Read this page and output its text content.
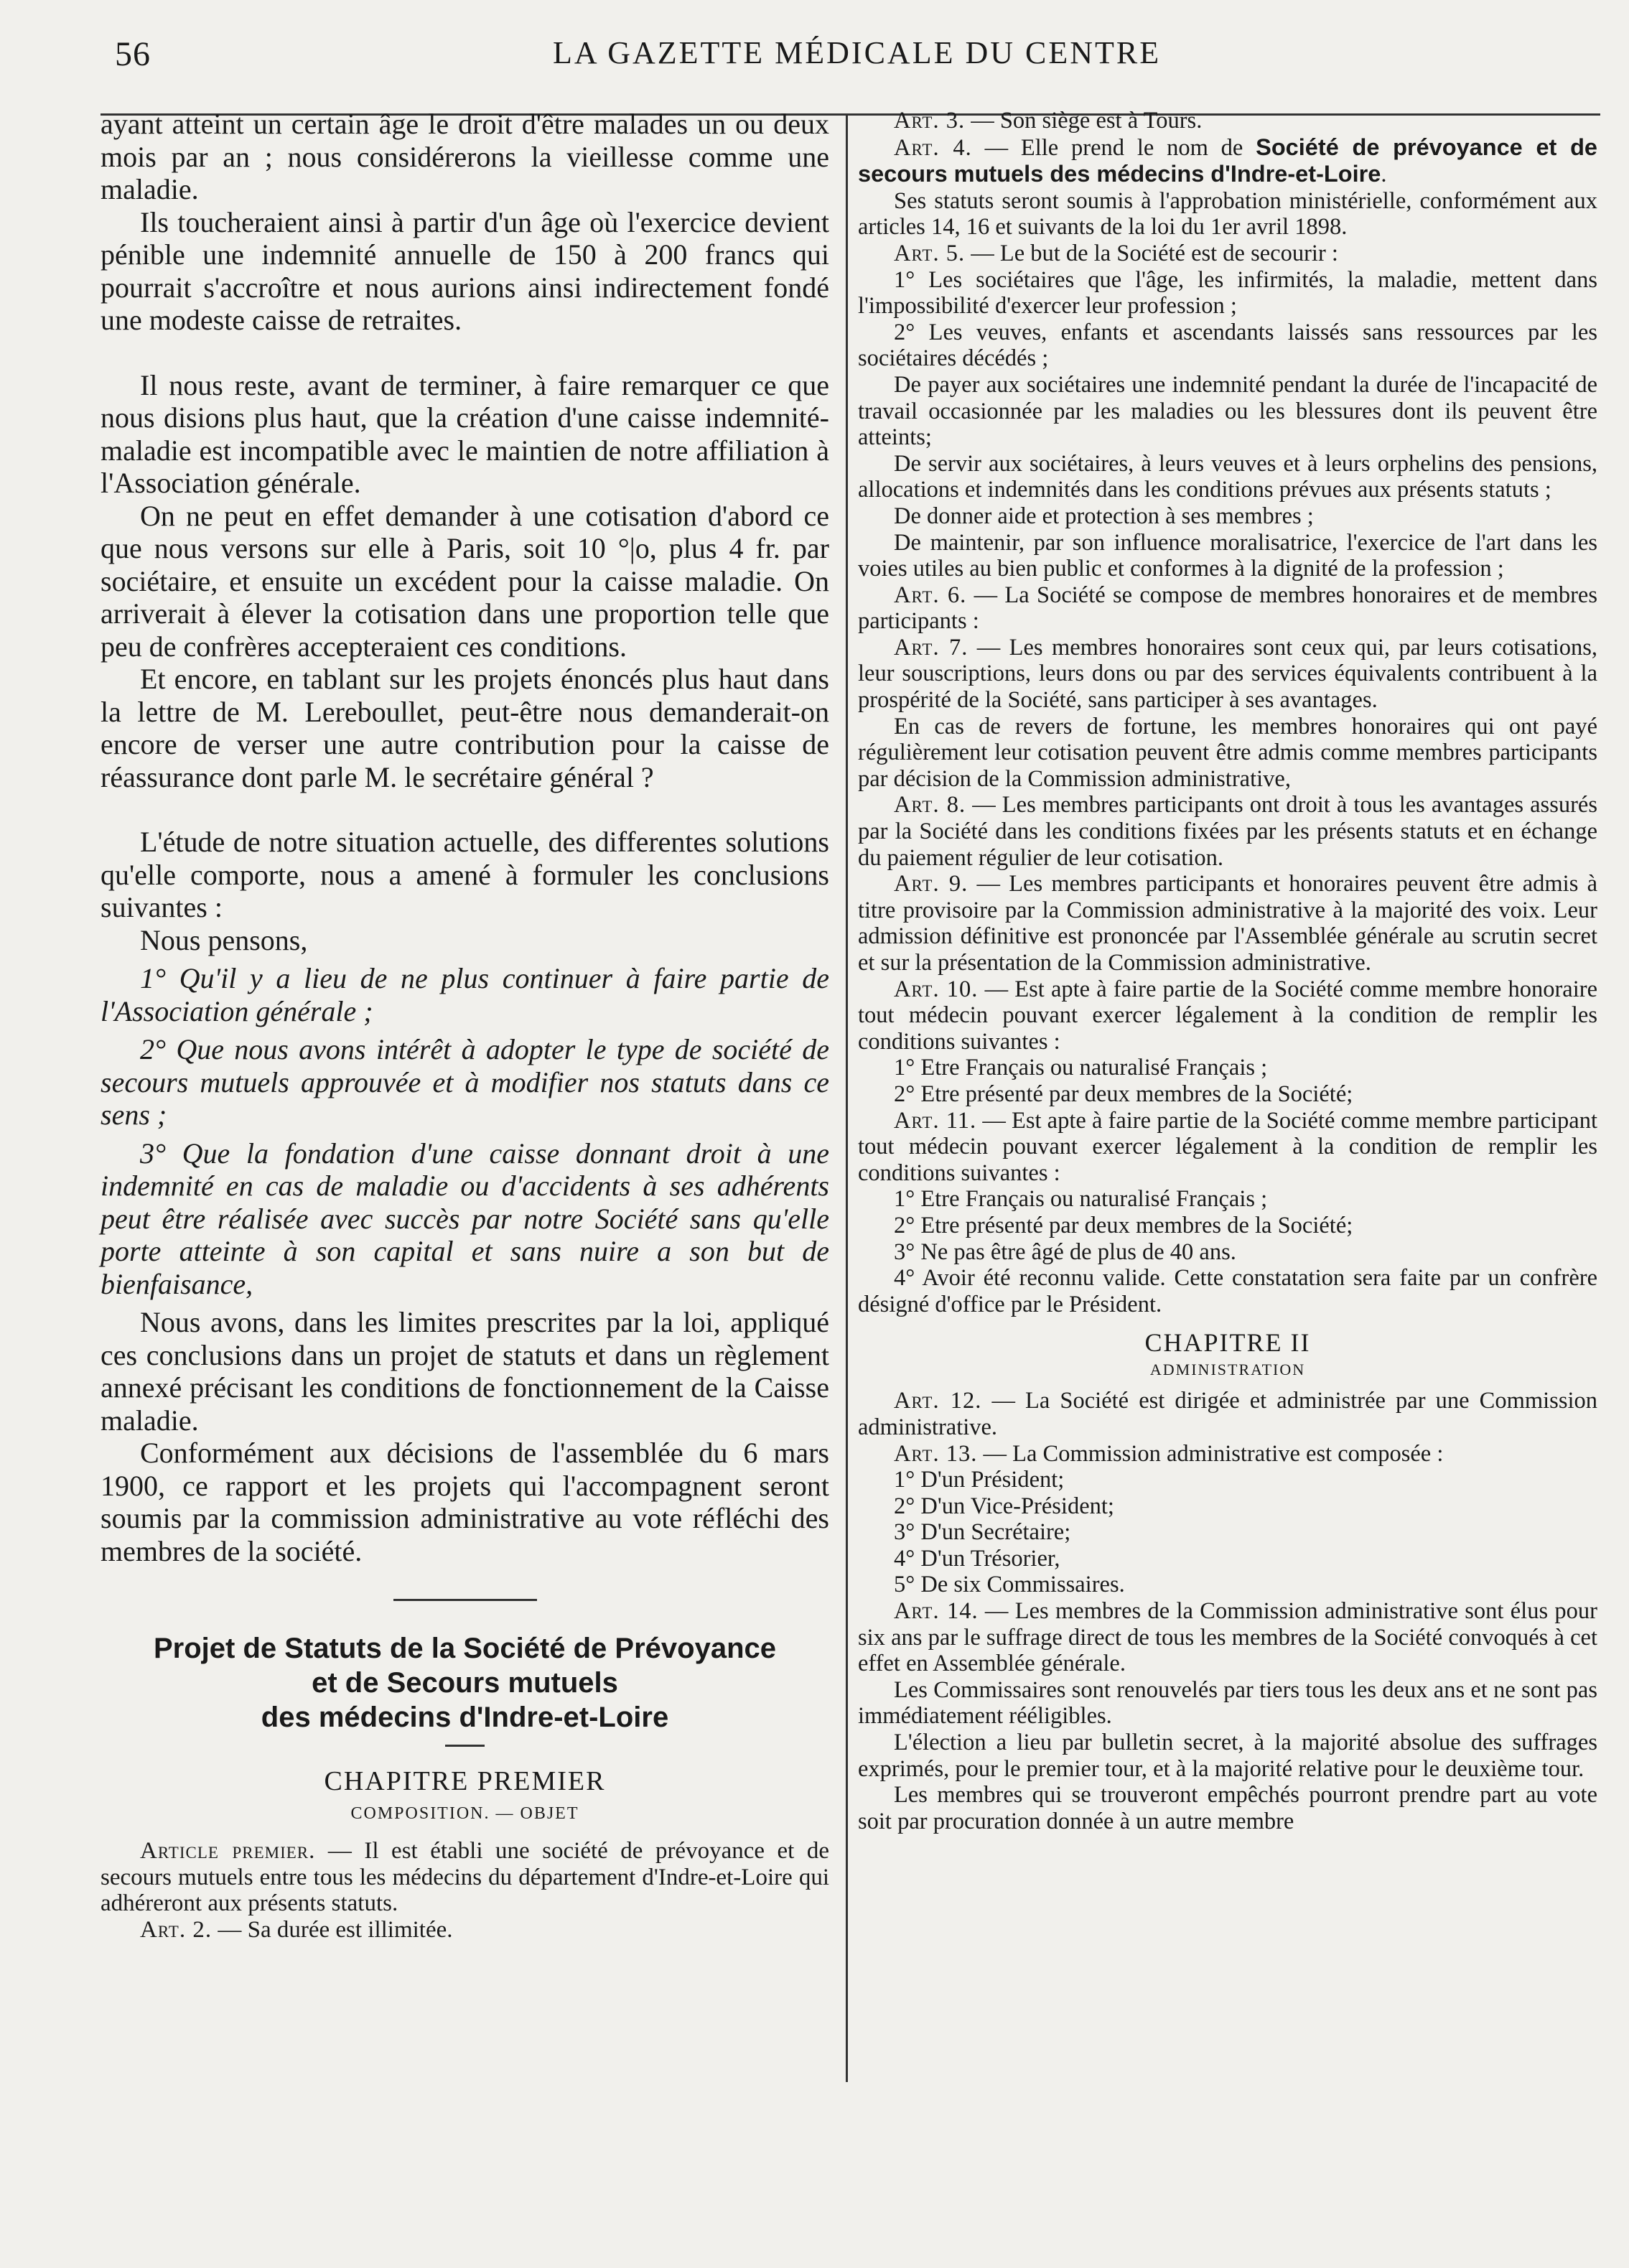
56	LA GAZETTE MÉDICALE DU CENTRE

ayant atteint un certain âge le droit d'être malades un ou deux mois par an ; nous considérerons la vieillesse comme une maladie.

Ils toucheraient ainsi à partir d'un âge où l'exercice devient pénible une indemnité annuelle de 150 à 200 francs qui pourrait s'accroître et nous aurions ainsi indirectement fondé une modeste caisse de retraites.

Il nous reste, avant de terminer, à faire remarquer ce que nous disions plus haut, que la création d'une caisse indemnité-maladie est incompatible avec le maintien de notre affiliation à l'Association générale.

On ne peut en effet demander à une cotisation d'abord ce que nous versons sur elle à Paris, soit 10 °|o, plus 4 fr. par sociétaire, et ensuite un excédent pour la caisse maladie. On arriverait à élever la cotisation dans une proportion telle que peu de confrères accepteraient ces conditions.

Et encore, en tablant sur les projets énoncés plus haut dans la lettre de M. Lereboullet, peut-être nous demanderait-on encore de verser une autre contribution pour la caisse de réassurance dont parle M. le secrétaire général ?

L'étude de notre situation actuelle, des differentes solutions qu'elle comporte, nous a amené à formuler les conclusions suivantes :

Nous pensons,

1° Qu'il y a lieu de ne plus continuer à faire partie de l'Association générale ;

2° Que nous avons intérêt à adopter le type de société de secours mutuels approuvée et à modifier nos statuts dans ce sens ;

3° Que la fondation d'une caisse donnant droit à une indemnité en cas de maladie ou d'accidents à ses adhérents peut être réalisée avec succès par notre Société sans qu'elle porte atteinte à son capital et sans nuire a son but de bienfaisance,

Nous avons, dans les limites prescrites par la loi, appliqué ces conclusions dans un projet de statuts et dans un règlement annexé précisant les conditions de fonctionnement de la Caisse maladie.

Conformément aux décisions de l'assemblée du 6 mars 1900, ce rapport et les projets qui l'accompagnent seront soumis par la commission administrative au vote réfléchi des membres de la société.

Projet de Statuts de la Société de Prévoyance
et de Secours mutuels
des médecins d'Indre-et-Loire
CHAPITRE PREMIER
COMPOSITION. — OBJET

Article premier. — Il est établi une société de prévoyance et de secours mutuels entre tous les médecins du département d'Indre-et-Loire qui adhéreront aux présents statuts.

Art. 2. — Sa durée est illimitée.

Art. 3. — Son siège est à Tours.

Art. 4. — Elle prend le nom de Société de prévoyance et de secours mutuels des médecins d'Indre-et-Loire.

Ses statuts seront soumis à l'approbation ministérielle, conformément aux articles 14, 16 et suivants de la loi du 1er avril 1898.

Art. 5. — Le but de la Société est de secourir :

1° Les sociétaires que l'âge, les infirmités, la maladie, mettent dans l'impossibilité d'exercer leur profession ;

2° Les veuves, enfants et ascendants laissés sans ressources par les sociétaires décédés ;

De payer aux sociétaires une indemnité pendant la durée de l'incapacité de travail occasionnée par les maladies ou les blessures dont ils peuvent être atteints;

De servir aux sociétaires, à leurs veuves et à leurs orphelins des pensions, allocations et indemnités dans les conditions prévues aux présents statuts ;

De donner aide et protection à ses membres ;

De maintenir, par son influence moralisatrice, l'exercice de l'art dans les voies utiles au bien public et conformes à la dignité de la profession ;

Art. 6. — La Société se compose de membres honoraires et de membres participants :

Art. 7. — Les membres honoraires sont ceux qui, par leurs cotisations, leur souscriptions, leurs dons ou par des services équivalents contribuent à la prospérité de la Société, sans participer à ses avantages.

En cas de revers de fortune, les membres honoraires qui ont payé régulièrement leur cotisation peuvent être admis comme membres participants par décision de la Commission administrative,

Art. 8. — Les membres participants ont droit à tous les avantages assurés par la Société dans les conditions fixées par les présents statuts et en échange du paiement régulier de leur cotisation.

Art. 9. — Les membres participants et honoraires peuvent être admis à titre provisoire par la Commission administrative à la majorité des voix. Leur admission définitive est prononcée par l'Assemblée générale au scrutin secret et sur la présentation de la Commission administrative.

Art. 10. — Est apte à faire partie de la Société comme membre honoraire tout médecin pouvant exercer légalement à la condition de remplir les conditions suivantes :

1° Etre Français ou naturalisé Français ;

2° Etre présenté par deux membres de la Société;

Art. 11. — Est apte à faire partie de la Société comme membre participant tout médecin pouvant exercer légalement à la condition de remplir les conditions suivantes :

1° Etre Français ou naturalisé Français ;

2° Etre présenté par deux membres de la Société;

3° Ne pas être âgé de plus de 40 ans.

4° Avoir été reconnu valide. Cette constatation sera faite par un confrère désigné d'office par le Président.

CHAPITRE II
ADMINISTRATION

Art. 12. — La Société est dirigée et administrée par une Commission administrative.

Art. 13. — La Commission administrative est composée :

1° D'un Président;

2° D'un Vice-Président;

3° D'un Secrétaire;

4° D'un Trésorier,

5° De six Commissaires.

Art. 14. — Les membres de la Commission administrative sont élus pour six ans par le suffrage direct de tous les membres de la Société convoqués à cet effet en Assemblée générale.

Les Commissaires sont renouvelés par tiers tous les deux ans et ne sont pas immédiatement rééligibles.

L'élection a lieu par bulletin secret, à la majorité absolue des suffrages exprimés, pour le premier tour, et à la majorité relative pour le deuxième tour.

Les membres qui se trouveront empêchés pourront prendre part au vote soit par procuration donnée à un autre membre
